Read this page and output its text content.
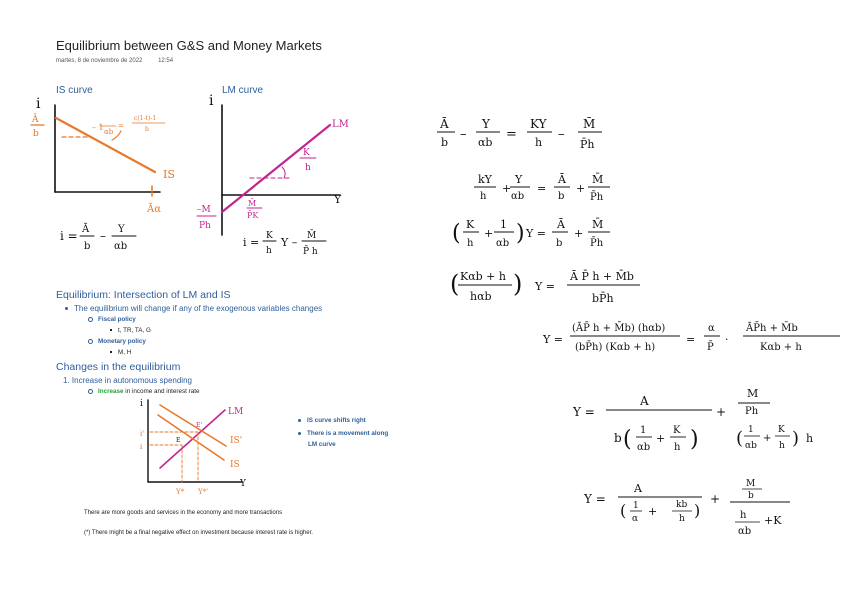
Equilibrium between G&S and Money Markets
martes, 8 de noviembre de 2022	12:54
IS curve	LM curve
i
Ā
b
– 1 αb
=
c(1-t)-1
b
IS
Āα
i = Ā
b
– Y
αb
i
Y
K
h
LM
–M
Ph
M̄
P̄K
i = K
h
Y – M̄
P̄ h
i
Y
LM
IS
IS'
i'
i
E
E'
Y* Y*'
Ā
b
–
Y
αb
=
KY
h
–
M̄
P̄h
kY
h
+
Y
αb
=
Ā
b
+
M̄
P̄h
( K
h
+
1
αb ) Y =
Ā
b
+
M̄
P̄h
( Kαb + h
hαb ) Y =
Ā P̄ h + M̄b
bP̄h
Y =
(ĀP̄ h + M̄b) (hαb)
(bP̄h) (Kαb + h)
=
α
P̄
·
ĀP̄h + M̄b
Kαb + h
Y =
A
b ( 1
αb
+
K
h )
+
M
Ph
( 1
αb
+
K
h ) h
Y =
A
( 1
α
+ kb
h )
+
M
b
h
αb
+K
Equilibrium: Intersection of LM and IS
The equilibrium will change if any of the exogenous variables changes
Fiscal policy
t, TR, TA, G
Monetary policy
M, H
Changes in the equilibrium
1. Increase in autonomous spending
Increase in income and interest rate
IS curve shifts right
There is a movement along
LM curve
There are more goods and services in the economy and more transactions
(*) There might be a final negative effect on investment because interest rate is higher.
